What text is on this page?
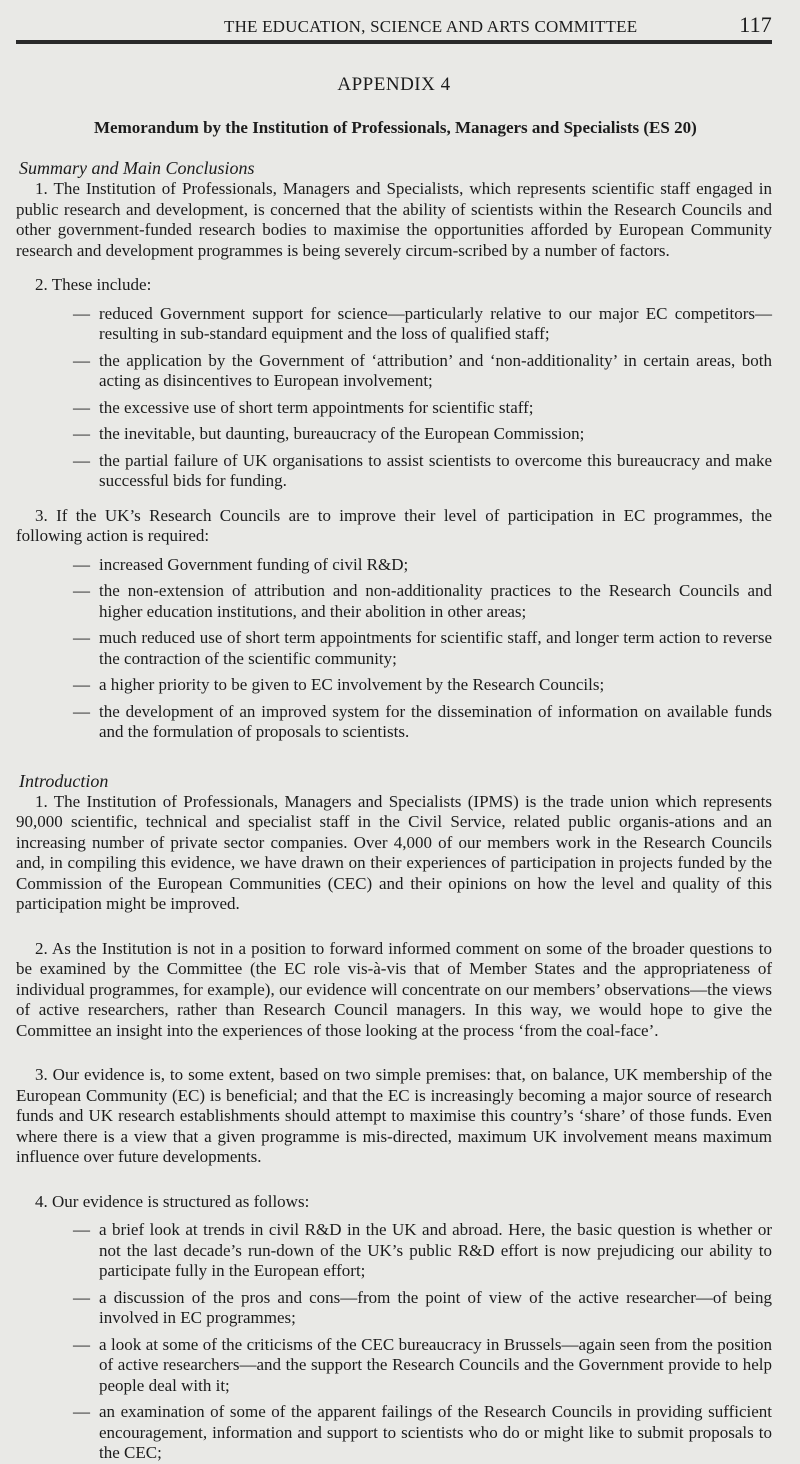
THE EDUCATION, SCIENCE AND ARTS COMMITTEE	117
APPENDIX 4
Memorandum by the Institution of Professionals, Managers and Specialists (ES 20)
Summary and Main Conclusions

1. The Institution of Professionals, Managers and Specialists, which represents scientific staff engaged in public research and development, is concerned that the ability of scientists within the Research Councils and other government-funded research bodies to maximise the opportunities afforded by European Community research and development programmes is being severely circum-scribed by a number of factors.

2. These include:

— reduced Government support for science—particularly relative to our major EC competitors—resulting in sub-standard equipment and the loss of qualified staff;
— the application by the Government of ‘attribution’ and ‘non-additionality’ in certain areas, both acting as disincentives to European involvement;
— the excessive use of short term appointments for scientific staff;
— the inevitable, but daunting, bureaucracy of the European Commission;
— the partial failure of UK organisations to assist scientists to overcome this bureaucracy and make successful bids for funding.

3. If the UK’s Research Councils are to improve their level of participation in EC programmes, the following action is required:

— increased Government funding of civil R&D;
— the non-extension of attribution and non-additionality practices to the Research Councils and higher education institutions, and their abolition in other areas;
— much reduced use of short term appointments for scientific staff, and longer term action to reverse the contraction of the scientific community;
— a higher priority to be given to EC involvement by the Research Councils;
— the development of an improved system for the dissemination of information on available funds and the formulation of proposals to scientists.
Introduction

1. The Institution of Professionals, Managers and Specialists (IPMS) is the trade union which represents 90,000 scientific, technical and specialist staff in the Civil Service, related public organis-ations and an increasing number of private sector companies. Over 4,000 of our members work in the Research Councils and, in compiling this evidence, we have drawn on their experiences of participation in projects funded by the Commission of the European Communities (CEC) and their opinions on how the level and quality of this participation might be improved.

2. As the Institution is not in a position to forward informed comment on some of the broader questions to be examined by the Committee (the EC role vis-à-vis that of Member States and the appropriateness of individual programmes, for example), our evidence will concentrate on our members’ observations—the views of active researchers, rather than Research Council managers. In this way, we would hope to give the Committee an insight into the experiences of those looking at the process ‘from the coal-face’.

3. Our evidence is, to some extent, based on two simple premises: that, on balance, UK membership of the European Community (EC) is beneficial; and that the EC is increasingly becoming a major source of research funds and UK research establishments should attempt to maximise this country’s ‘share’ of those funds. Even where there is a view that a given programme is mis-directed, maximum UK involvement means maximum influence over future developments.

4. Our evidence is structured as follows:

— a brief look at trends in civil R&D in the UK and abroad. Here, the basic question is whether or not the last decade’s run-down of the UK’s public R&D effort is now prejudicing our ability to participate fully in the European effort;
— a discussion of the pros and cons—from the point of view of the active researcher—of being involved in EC programmes;
— a look at some of the criticisms of the CEC bureaucracy in Brussels—again seen from the position of active researchers—and the support the Research Councils and the Government provide to help people deal with it;
— an examination of some of the apparent failings of the Research Councils in providing sufficient encouragement, information and support to scientists who do or might like to submit proposals to the CEC;
